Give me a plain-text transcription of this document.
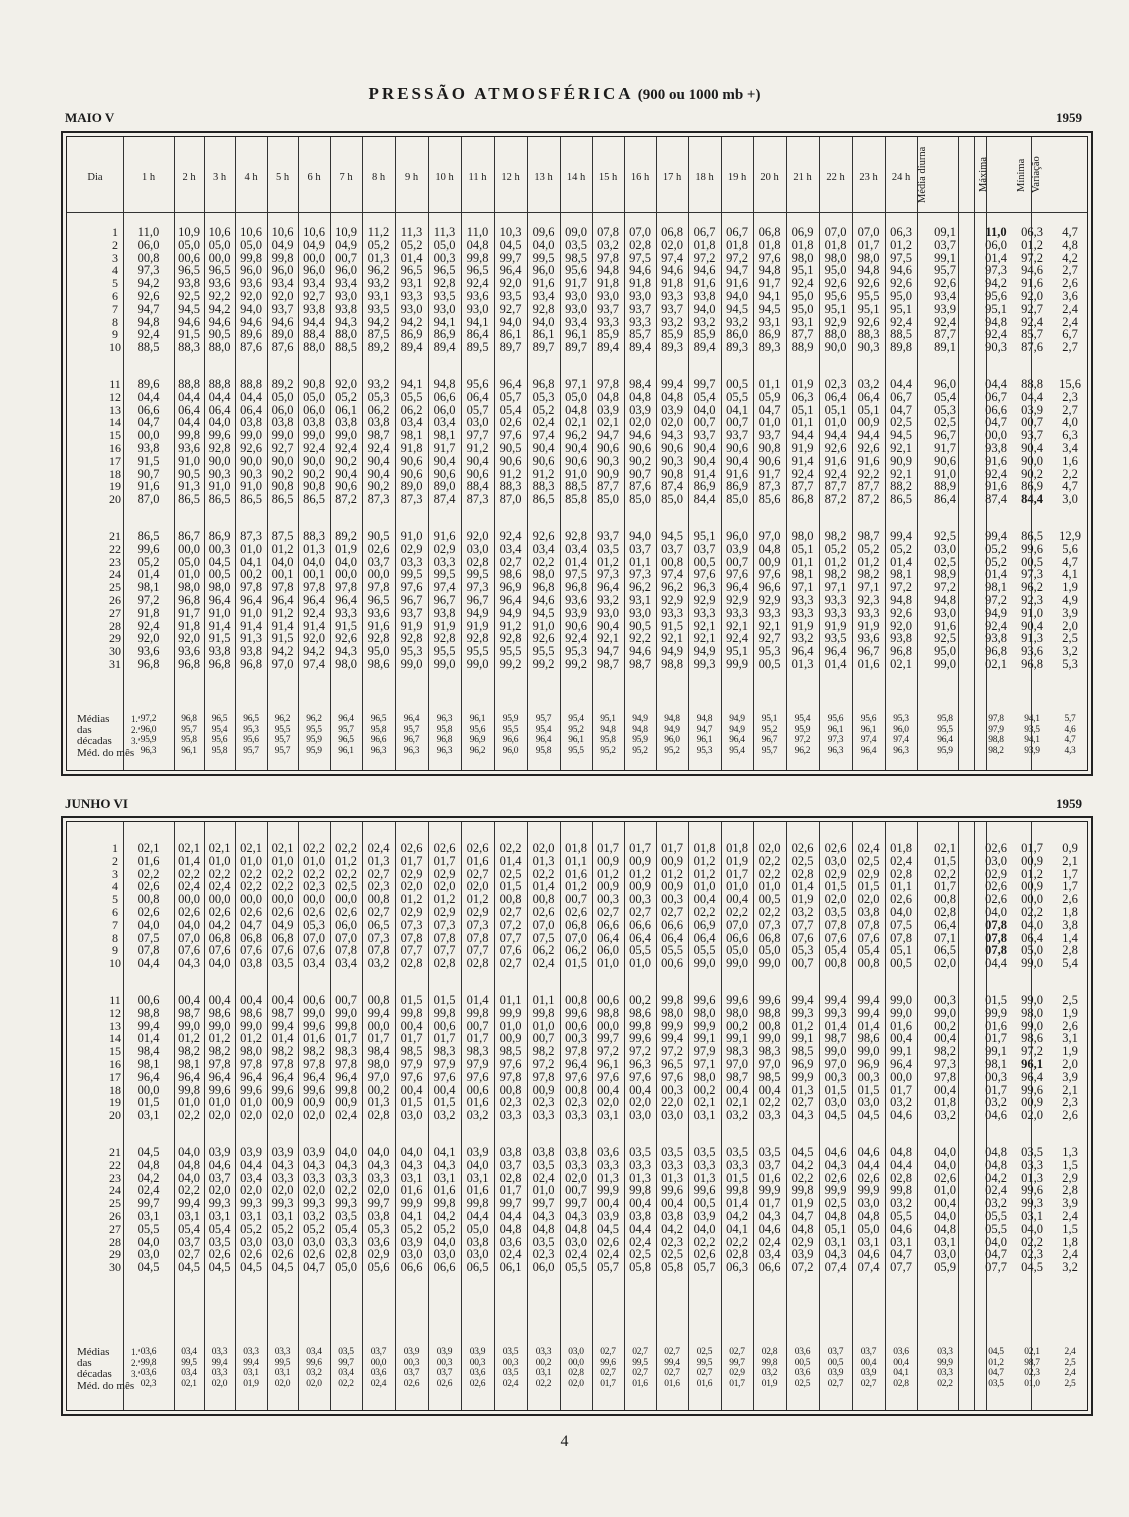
PRESSÃO ATMOSFÉRICA (900 ou 1000 mb +)
MAIO V	1959
Dia	1 h	2 h	3 h	4 h	5 h	6 h	7 h	8 h	9 h	10 h	11 h	12 h	13 h	14 h	15 h	16 h	17 h	18 h	19 h	20 h	21 h	22 h	23 h	24 h Média diurna	Máxima	Mínima Variação
1	11,0	10,9 10,6 10,6 10,6 10,6 10,9 11,2 11,3 11,3 11,0 10,3 09,6 09,0 07,8 07,0 06,8 06,7 06,7 06,8 06,9 07,0 07,0 06,3	09,1	11,0	06,3	4,7
2	06,0	05,0 05,0 05,0 04,9 04,9 04,9 05,2 05,2 05,0 04,8 04,5 04,0 03,5 03,2 02,8 02,0 01,8 01,8 01,8 01,8 01,8 01,7 01,2	03,7	06,0	01,2	4,8
3	00,8	00,6 00,0 99,8 99,8 00,0 00,7 01,3 01,4 00,3 99,8 99,7 99,5 98,5 97,8 97,5 97,4 97,2 97,2 97,6 98,0 98,0 98,0 97,5	99,1	01,4	97,2	4,2
4	97,3	96,5 96,5 96,0 96,0 96,0 96,0 96,2 96,5 96,5 96,5 96,4 96,0 95,6 94,8 94,6 94,6 94,6 94,7 94,8 95,1 95,0 94,8 94,6	95,7	97,3	94,6	2,7
5	94,2	93,8 93,6 93,6 93,4 93,4 93,4 93,2 93,1 92,8 92,4 92,0 91,6 91,7 91,8 91,8 91,8 91,6 91,6 91,7 92,4 92,6 92,6 92,6	92,6	94,2	91,6	2,6
6	92,6	92,5 92,2 92,0 92,0 92,7 93,0 93,1 93,3 93,5 93,6 93,5 93,4 93,0 93,0 93,0 93,3 93,8 94,0 94,1 95,0 95,6 95,5 95,0	93,4	95,6	92,0	3,6
7	94,7	94,5 94,2 94,0 93,7 93,8 93,8 93,5 93,0 93,0 93,0 92,7 92,8 93,0 93,7 93,7 93,7 94,0 94,5 94,5 95,0 95,1 95,1 95,1	93,9	95,1	92,7	2,4
8	94,8	94,6 94,6 94,6 94,6 94,4 94,3 94,2 94,2 94,1 94,1 94,0 94,0 93,4 93,3 93,3 93,2 93,2 93,2 93,1 93,1 92,9 92,6 92,4	92,4	94,8	92,4	2,4
9	92,4	91,5 90,5 89,6 89,0 88,4 88,0 87,5 86,9 86,9 86,4 86,1 86,1 96,1 85,9 85,7 85,9 85,9 86,0 86,9 87,7 88,0 88,3 88,5	87,7	92,4	85,7	6,7
10	88,5	88,3 88,0 87,6 87,6 88,0 88,5 89,2 89,4 89,4 89,5 89,7 89,7 89,7 89,4 89,4 89,3 89,4 89,3 89,3 88,9 90,0 90,3 89,8	89,1	90,3	87,6	2,7
11	89,6	88,8 88,8 88,8 89,2 90,8 92,0 93,2 94,1 94,8 95,6 96,4 96,8 97,1 97,8 98,4 99,4 99,7 00,5 01,1 01,9 02,3 03,2 04,4	96,0	04,4	88,8	15,6
12	04,4	04,4 04,4 04,4 05,0 05,0 05,2 05,3 05,5 06,6 06,4 05,7 05,3 05,0 04,8 04,8 04,8 05,4 05,5 05,9 06,3 06,4 06,4 06,7	05,4	06,7	04,4	2,3
13	06,6	06,4 06,4 06,4 06,0 06,0 06,1 06,2 06,2 06,0 05,7 05,4 05,2 04,8 03,9 03,9 03,9 04,0 04,1 04,7 05,1 05,1 05,1 04,7	05,3	06,6	03,9	2,7
14	04,7	04,4 04,0 03,8 03,8 03,8 03,8 03,8 03,4 03,4 03,0 02,6 02,4 02,1 02,1 02,0 02,0 00,7 00,7 01,0 01,1 01,0 00,9 02,5	02,5	04,7	00,7	4,0
15	00,0	99,8 99,6 99,0 99,0 99,0 99,0 98,7 98,1 98,1 97,7 97,6 97,4 96,2 94,7 94,6 94,3 93,7 93,7 93,7 94,4 94,4 94,4 94,5	96,7	00,0	93,7	6,3
16	93,8	93,6 92,8 92,6 92,7 92,4 92,4 92,4 91,8 91,7 91,2 90,5 90,4 90,4 90,6 90,6 90,6 90,4 90,6 90,8 91,9 92,6 92,6 92,1	91,7	93,8	90,4	3,4
17	91,5	91,0 90,0 90,0 90,0 90,0 90,2 90,4 90,6 90,4 90,4 90,6 90,6 90,6 90,3 90,2 90,3 90,4 90,4 90,6 91,4 91,6 91,6 90,9	90,6	91,6	90,0	1,6
18	90,7	90,5 90,3 90,3 90,2 90,2 90,4 90,4 90,6 90,6 90,6 91,2 91,2 91,0 90,9 90,7 90,8 91,4 91,6 91,7 92,4 92,4 92,2 92,1	91,0	92,4	90,2	2,2
19	91,6	91,3 91,0 91,0 90,8 90,8 90,6 90,2 89,0 89,0 88,4 88,3 88,3 88,5 87,7 87,6 87,4 86,9 86,9 87,3 87,7 87,7 87,7 88,2	88,9	91,6	86,9	4,7
20	87,0	86,5 86,5 86,5 86,5 86,5 87,2 87,3 87,3 87,4 87,3 87,0 86,5 85,8 85,0 85,0 85,0 84,4 85,0 85,6 86,8 87,2 87,2 86,5	86,4	87,4	84,4	3,0
21	86,5	86,7 86,9 87,3 87,5 88,3 89,2 90,5 91,0 91,6 92,0 92,4 92,6 92,8 93,7 94,0 94,5 95,1 96,0 97,0 98,0 98,2 98,7 99,4	92,5	99,4	86,5	12,9
22	99,6	00,0 00,3 01,0 01,2 01,3 01,9 02,6 02,9 02,9 03,0 03,4 03,4 03,4 03,5 03,7 03,7 03,7 03,9 04,8 05,1 05,2 05,2 05,2	03,0	05,2	99,6	5,6
23	05,2	05,0 04,5 04,1 04,0 04,0 04,0 03,7 03,3 03,3 02,8 02,7 02,2 01,4 01,2 01,1 00,8 00,5 00,7 00,9 01,1 01,2 01,2 01,4	02,5	05,2	00,5	4,7
24	01,4	01,0 00,5 00,2 00,1 00,1 00,0 00,0 99,5 99,5 99,5 98,6 98,0 97,5 97,3 97,3 97,4 97,6 97,6 97,6 98,1 98,2 98,2 98,1	98,9	01,4	97,3	4,1
25	98,1	98,0 98,0 97,8 97,8 97,8 97,8 97,8 97,6 97,4 97,3 96,9 96,8 96,8 96,4 96,2 96,2 96,3 96,4 96,6 97,1 97,1 97,1 97,2	97,2	98,1	96,2	1,9
26	97,2	96,8 96,4 96,4 96,4 96,4 96,4 96,5 96,7 96,7 96,7 96,4 94,6 93,6 93,2 93,1 92,9 92,9 92,9 92,9 93,3 93,3 92,3 94,8	94,8	97,2	92,3	4,9
27	91,8	91,7 91,0 91,0 91,2 92,4 93,3 93,6 93,7 93,8 94,9 94,9 94,5 93,9 93,0 93,0 93,3 93,3 93,3 93,3 93,3 93,3 93,3 92,6	93,0	94,9	91,0	3,9
28	92,4	91,8 91,4 91,4 91,4 91,4 91,5 91,6 91,9 91,9 91,9 91,2 91,0 90,6 90,4 90,5 91,5 92,1 92,1 92,1 91,9 91,9 91,9 92,0	91,6	92,4	90,4	2,0
29	92,0	92,0 91,5 91,3 91,5 92,0 92,6 92,8 92,8 92,8 92,8 92,8 92,6 92,4 92,1 92,2 92,1 92,1 92,4 92,7 93,2 93,5 93,6 93,8	92,5	93,8	91,3	2,5
30	93,6	93,6 93,8 93,8 94,2 94,2 94,3 95,0 95,3 95,5 95,5 95,5 95,5 95,3 94,7 94,6 94,9 94,9 95,1 95,3 96,4 96,4 96,7 96,8	95,0	96,8	93,6	3,2
31	96,8	96,8 96,8 96,8 97,0 97,4 98,0 98,6 99,0 99,0 99,0 99,2 99,2 99,2 98,7 98,7 98,8 99,3 99,9 00,5 01,3 01,4 01,6 02,1	99,0	02,1	96,8	5,3
Médias
das
décadas
Méd. do mês
1.ª
2.ª
3.ª
97,2	96,8	96,5	96,5	96,2	96,2	96,4	96,5	96,4	96,3	96,1	95,9	95,7	95,4	95,1	94,9	94,8	94,8	94,9	95,1	95,4	95,6	95,6	95,3	95,8	97,8	94,1	5,7
96,0	95,7	95,4	95,3	95,5	95,5	95,7	95,8	95,7	95,8	95,6	95,5	95,4	95,2	94,8	94,8	94,9	94,7	94,9	95,2	95,9	96,1	96,1	96,0	95,5	97,9	93,5	4,6
95,9	95,8	95,6	95,6	95,7	95,9	96,5	96,6	96,7	96,8	96,9	96,6	96,4	96,1	95,8	95,9	96,0	96,1	96,4	96,7	97,2	97,3	97,4	97,4	96,4	98,8	94,1	4,7
96,3	96,1	95,8	95,7	95,7	95,9	96,1	96,3	96,3	96,3	96,2	96,0	95,8	95,5	95,2	95,2	95,2	95,3	95,4	95,7	96,2	96,3	96,4	96,3	95,9	98,2	93,9	4,3
JUNHO VI	1959
1	02,1	02,1 02,1 02,1 02,1 02,2 02,2 02,4 02,6 02,6 02,6 02,2 02,0 01,8 01,7 01,7 01,7 01,8 01,8 02,0 02,6 02,6 02,4 01,8	02,1	02,6	01,7	0,9
2	01,6	01,4 01,0 01,0 01,0 01,0 01,2 01,3 01,7 01,7 01,6 01,4 01,3 01,1 00,9 00,9 00,9 01,2 01,9 02,2 02,5 03,0 02,5 02,4	01,5	03,0	00,9	2,1
3	02,2	02,2 02,2 02,2 02,2 02,2 02,2 02,7 02,9 02,9 02,7 02,5 02,2 01,6 01,2 01,2 01,2 01,2 01,7 02,2 02,8 02,9 02,9 02,8	02,2	02,9	01,2	1,7
4	02,6	02,4 02,4 02,2 02,2 02,3 02,5 02,3 02,0 02,0 02,0 01,5 01,4 01,2 00,9 00,9 00,9 01,0 01,0 01,0 01,4 01,5 01,5 01,1	01,7	02,6	00,9	1,7
5	00,8	00,0 00,0 00,0 00,0 00,0 00,0 00,8 01,2 01,2 01,2 00,8 00,8 00,7 00,3 00,3 00,3 00,4 00,4 00,5 01,9 02,0 02,0 02,6	00,8	02,6	00,0	2,6
6	02,6	02,6 02,6 02,6 02,6 02,6 02,6 02,7 02,9 02,9 02,9 02,7 02,6 02,6 02,7 02,7 02,7 02,2 02,2 02,2 03,2 03,5 03,8 04,0	02,8	04,0	02,2	1,8
7	04,0	04,0 04,2 04,7 04,9 05,3 06,0 06,5 07,3 07,3 07,3 07,2 07,0 06,8 06,6 06,6 06,6 06,9 07,0 07,3 07,7 07,8 07,8 07,5	06,4	07,8	04,0	3,8
8	07,5	07,0 06,8 06,8 06,8 07,0 07,0 07,3 07,8 07,8 07,8 07,7 07,5 07,0 06,4 06,4 06,4 06,4 06,6 06,8 07,6 07,6 07,6 07,8	07,1	07,8	06,4	1,4
9	07,8	07,6 07,6 07,6 07,6 07,6 07,8 07,8 07,7 07,7 07,7 07,6 06,2 06,2 06,0 05,5 05,5 05,5 05,0 05,0 05,3 05,4 05,4 05,1	06,5	07,8	05,0	2,8
10	04,4	04,3 04,0 03,8 03,5 03,4 03,4 03,2 02,8 02,8 02,8 02,7 02,4 01,5 01,0 01,0 00,6 99,0 99,0 99,0 00,7 00,8 00,8 00,5	02,0	04,4	99,0	5,4
11	00,6	00,4 00,4 00,4 00,4 00,6 00,7 00,8 01,5 01,5 01,4 01,1 01,1 00,8 00,6 00,2 99,8 99,6 99,6 99,6 99,4 99,4 99,4 99,0	00,3	01,5	99,0	2,5
12	98,8	98,7 98,6 98,6 98,7 99,0 99,0 99,4 99,8 99,8 99,8 99,9 99,8 99,6 98,8 98,6 98,0 98,0 98,0 98,8 99,3 99,3 99,4 99,0	99,0	99,9	98,0	1,9
13	99,4	99,0 99,0 99,0 99,4 99,6 99,8 00,0 00,4 00,6 00,7 01,0 01,0 00,6 00,0 99,8 99,9 99,9 00,2 00,8 01,2 01,4 01,4 01,6	00,2	01,6	99,0	2,6
14	01,4	01,2 01,2 01,2 01,4 01,6 01,7 01,7 01,7 01,7 01,7 00,9 00,7 00,3 99,7 99,6 99,4 99,1 99,1 99,0 99,1 98,7 98,6 00,4	00,4	01,7	98,6	3,1
15	98,4	98,2 98,2 98,0 98,2 98,2 98,3 98,4 98,5 98,3 98,3 98,5 98,2 97,8 97,2 97,2 97,2 97,9 98,3 98,3 98,5 99,0 99,0 99,1	98,2	99,1	97,2	1,9
16	98,1	98,1 97,8 97,8 97,8 97,8 97,8 98,0 97,9 97,9 97,9 97,6 97,2 96,4 96,1 96,3 96,5 97,1 97,0 97,0 96,9 97,0 96,9 96,4	97,3	98,1	96,1	2,0
17	96,4	96,4 96,4 96,4 96,4 96,4 96,4 97,0 97,6 97,6 97,6 97,8 97,8 97,6 97,6 97,6 97,6 98,0 98,7 98,5 99,9 00,3 00,3 00,0	97,8	00,3	96,4	3,9
18	00,0	99,8 99,6 99,6 99,6 99,6 99,8 00,2 00,4 00,4 00,6 00,8 00,9 00,8 00,4 00,4 00,3 00,2 00,4 00,4 01,3 01,5 01,5 01,7	00,4	01,7	99,6	2,1
19	01,5	01,0 01,0 01,0 00,9 00,9 00,9 01,3 01,5 01,5 01,6 02,3 02,3 02,3 02,0 02,0 22,0 02,1 02,1 02,2 02,7 03,0 03,0 03,2	01,8	03,2	00,9	2,3
20	03,1	02,2 02,0 02,0 02,0 02,0 02,4 02,8 03,0 03,2 03,2 03,3 03,3 03,3 03,1 03,0 03,0 03,1 03,2 03,3 04,3 04,5 04,5 04,6	03,2	04,6	02,0	2,6
21	04,5	04,0 03,9 03,9 03,9 03,9 04,0 04,0 04,0 04,1 03,9 03,8 03,8 03,8 03,6 03,5 03,5 03,5 03,5 03,5 04,5 04,6 04,6 04,8	04,0	04,8	03,5	1,3
22	04,8	04,8 04,6 04,4 04,3 04,3 04,3 04,3 04,3 04,3 04,0 03,7 03,5 03,3 03,3 03,3 03,3 03,3 03,3 03,7 04,2 04,3 04,4 04,4	04,0	04,8	03,3	1,5
23	04,2	04,0 03,7 03,4 03,3 03,3 03,3 03,3 03,1 03,1 03,1 02,8 02,4 02,0 01,3 01,3 01,3 01,3 01,5 01,6 02,2 02,6 02,6 02,8	02,6	04,2	01,3	2,9
24	02,4	02,2 02,0 02,0 02,0 02,0 02,2 02,0 01,6 01,6 01,6 01,7 01,0 00,7 99,9 99,8 99,6 99,6 99,8 99,9 99,8 99,9 99,9 99,8	01,0	02,4	99,6	2,8
25	99,7	99,4 99,3 99,3 99,3 99,3 99,3 99,7 99,9 99,8 99,8 99,7 99,7 99,7 00,4 00,4 00,4 00,5 01,4 01,7 01,9 02,5 03,0 03,2	00,4	03,2	99,3	3,9
26	03,1	03,1 03,1 03,1 03,1 03,2 03,5 03,8 04,1 04,2 04,4 04,4 04,3 04,3 03,9 03,8 03,8 03,9 04,2 04,3 04,7 04,8 04,8 05,5	04,0	05,5	03,1	2,4
27	05,5	05,4 05,4 05,2 05,2 05,2 05,4 05,3 05,2 05,2 05,0 04,8 04,8 04,8 04,5 04,4 04,2 04,0 04,1 04,6 04,8 05,1 05,0 04,6	04,8	05,5	04,0	1,5
28	04,0	03,7 03,5 03,0 03,0 03,0 03,3 03,6 03,9 04,0 03,8 03,6 03,5 03,0 02,6 02,4 02,3 02,2 02,2 02,4 02,9 03,1 03,1 03,1	03,1	04,0	02,2	1,8
29	03,0	02,7 02,6 02,6 02,6 02,6 02,8 02,9 03,0 03,0 03,0 02,4 02,3 02,4 02,4 02,5 02,5 02,6 02,8 03,4 03,9 04,3 04,6 04,7	03,0	04,7	02,3	2,4
30	04,5	04,5 04,5 04,5 04,5 04,7 05,0 05,6 06,6 06,6 06,5 06,1 06,0 05,5 05,7 05,8 05,8 05,7 06,3 06,6 07,2 07,4 07,4 07,7	05,9	07,7	04,5	3,2
Médias
das
décadas
Méd. do mês
1.ª
2.ª
3.ª
03,6	03,4	03,3	03,3	03,3	03,4	03,5	03,7	03,9	03,9	03,9	03,5	03,3	03,0	02,7	02,7	02,7	02,5	02,7	02,8	03,6	03,7	03,7	03,6	03,3	04,5	02,1	2,4
99,8	99,5	99,4	99,4	99,5	99,6	99,7	00,0	00,3	00,3	00,3	00,3	00,2	00,0	99,6	99,5	99,4	99,5	99,7	99,8	00,5	00,5	00,4	00,4	99,9	01,2	98,7	2,5
03,6	03,4	03,3	03,1	03,1	03,2	03,4	03,6	03,7	03,7	03,6	03,5	03,1	02,8	02,7	02,7	02,7	02,7	02,9	03,2	03,6	03,9	03,9	04,1	03,3	04,7	02,3	2,4
02,3	02,1	02,0	01,9	02,0	02,0	02,2	02,4	02,6	02,6	02,6	02,4	02,2	02,0	01,7	01,6	01,6	01,6	01,7	01,9	02,5	02,7	02,7	02,8	02,2	03,5	01,0	2,5
4
